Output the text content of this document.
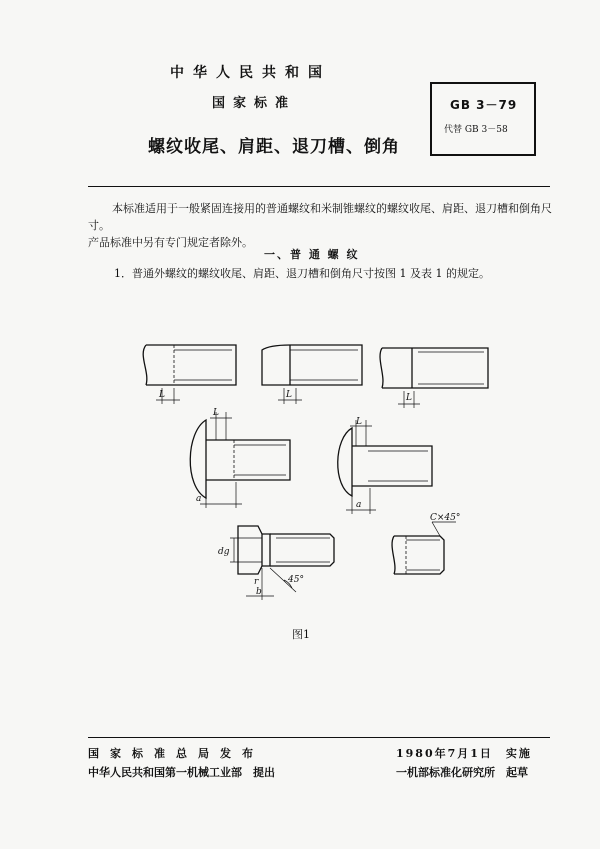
中华人民共和国
国家标准
螺纹收尾、肩距、退刀槽、倒角
GB 3－79
代替 GB 3－58
本标准适用于一般紧固连接用的普通螺纹和米制锥螺纹的螺纹收尾、肩距、退刀槽和倒角尺寸。
产品标准中另有专门规定者除外。
一、普 通 螺 纹
1．普通外螺纹的螺纹收尾、肩距、退刀槽和倒角尺寸按图 1 及表 1 的规定。
L	L	L
L
a
L
a
dg
45°
r
b
C×45°
图1
国家标准总局发布
中华人民共和国第一机械工业部　提出
1980年7月1日　实施
一机部标准化研究所　起草
